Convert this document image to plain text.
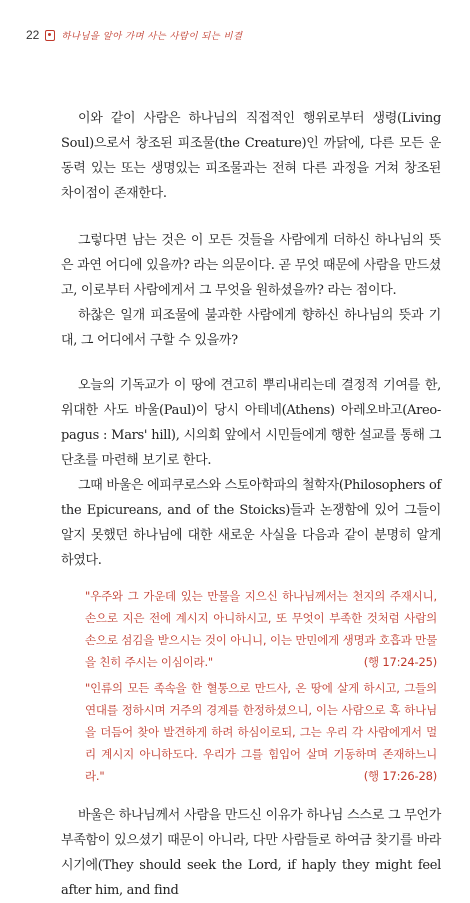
22 하나님을 알아 가며 사는 사람이 되는 비결

이와 같이 사람은 하나님의 직접적인 행위로부터 생령(Living Soul)으로서 창조된 피조물(the Creature)인 까닭에, 다른 모든 운동력 있는 또는 생명있는 피조물과는 전혀 다른 과정을 거쳐 창조된 차이점이 존재한다.

그렇다면 남는 것은 이 모든 것들을 사람에게 더하신 하나님의 뜻은 과연 어디에 있을까? 라는 의문이다. 곧 무엇 때문에 사람을 만드셨고, 이로부터 사람에게서 그 무엇을 원하셨을까? 라는 점이다.

하찮은 일개 피조물에 불과한 사람에게 향하신 하나님의 뜻과 기대, 그 어디에서 구할 수 있을까?

오늘의 기독교가 이 땅에 견고히 뿌리내리는데 결정적 기여를 한, 위대한 사도 바울(Paul)이 당시 아테네(Athens) 아레오바고(Areo- pagus : Mars' hill), 시의회 앞에서 시민들에게 행한 설교를 통해 그 단초를 마련해 보기로 한다.

그때 바울은 에피쿠로스와 스토아학파의 철학자(Philosophers of the Epicureans, and of the Stoicks)들과 논쟁함에 있어 그들이 알지 못했던 하나님에 대한 새로운 사실을 다음과 같이 분명히 알게 하였다.

"우주와 그 가운데 있는 만물을 지으신 하나님께서는 천지의 주재시니, 손으로 지은 전에 계시지 아니하시고, 또 무엇이 부족한 것처럼 사람의 손으로 섬김을 받으시는 것이 아니니, 이는 만민에게 생명과 호흡과 만물을 친히 주시는 이심이라."	(행 17:24-25)

"인류의 모든 족속을 한 혈통으로 만드사, 온 땅에 살게 하시고, 그들의 연대를 정하시며 거주의 경계를 한정하셨으니, 이는 사람으로 혹 하나님을 더듬어 찾아 발견하게 하려 하심이로되, 그는 우리 각 사람에게서 멀리 계시지 아니하도다. 우리가 그를 힘입어 살며 기동하며 존재하느니라."	(행 17:26-28)

바울은 하나님께서 사람을 만드신 이유가 하나님 스스로 그 무언가 부족함이 있으셨기 때문이 아니라, 다만 사람들로 하여금 찾기를 바라시기에(They should seek the Lord, if haply they might feel after him, and find
